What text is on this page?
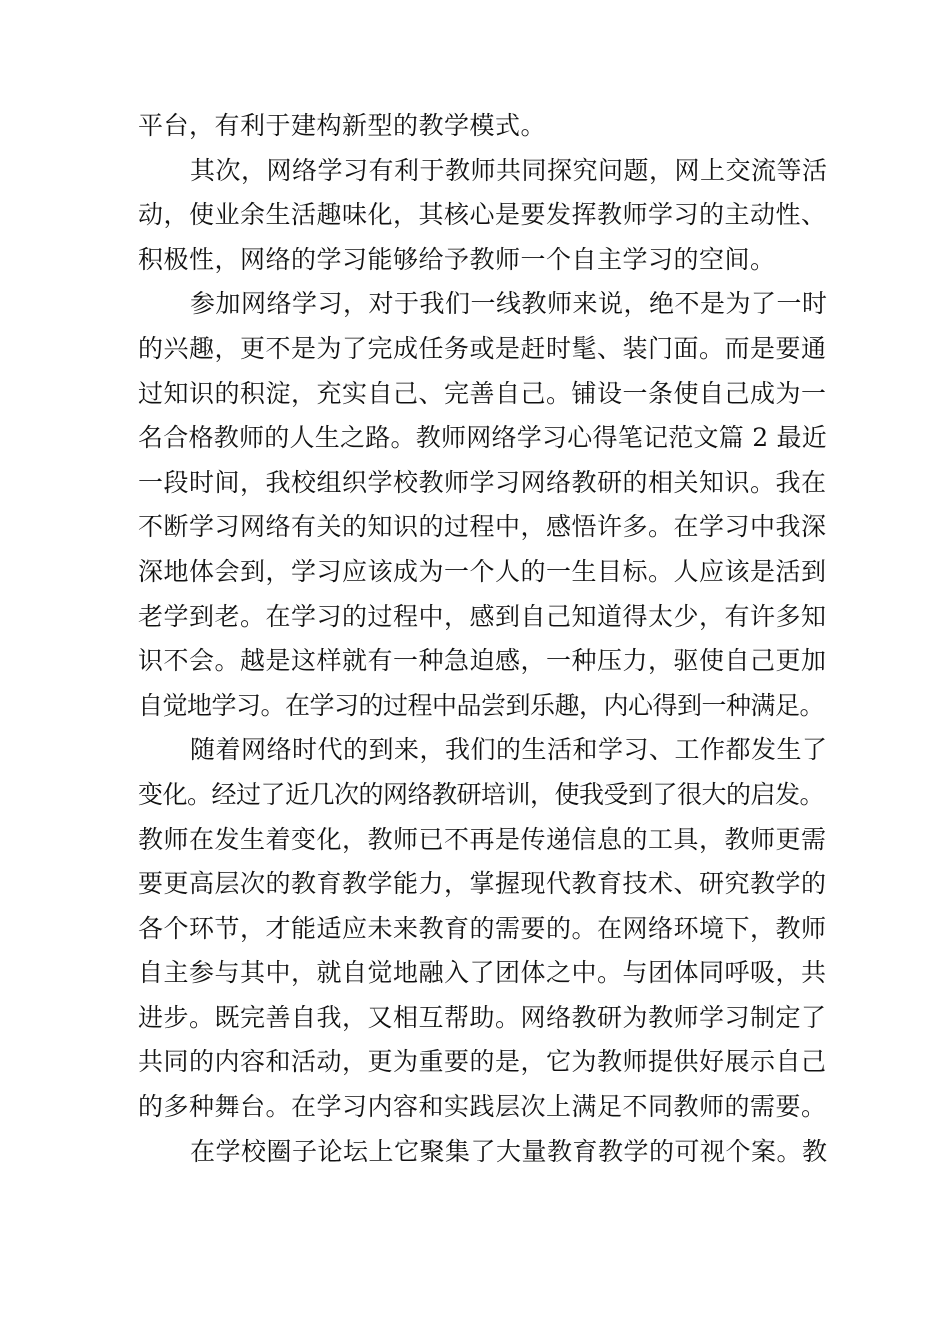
平台，有利于建构新型的教学模式。
其次，网络学习有利于教师共同探究问题，网上交流等活
动，使业余生活趣味化，其核心是要发挥教师学习的主动性、
积极性，网络的学习能够给予教师一个自主学习的空间。
参加网络学习，对于我们一线教师来说，绝不是为了一时
的兴趣，更不是为了完成任务或是赶时髦、装门面。而是要通
过知识的积淀，充实自己、完善自己。铺设一条使自己成为一
名合格教师的人生之路。教师网络学习心得笔记范文篇 2 最近
一段时间，我校组织学校教师学习网络教研的相关知识。我在
不断学习网络有关的知识的过程中，感悟许多。在学习中我深
深地体会到，学习应该成为一个人的一生目标。人应该是活到
老学到老。在学习的过程中，感到自己知道得太少，有许多知
识不会。越是这样就有一种急迫感，一种压力，驱使自己更加
自觉地学习。在学习的过程中品尝到乐趣，内心得到一种满足。
随着网络时代的到来，我们的生活和学习、工作都发生了
变化。经过了近几次的网络教研培训，使我受到了很大的启发。
教师在发生着变化，教师已不再是传递信息的工具，教师更需
要更高层次的教育教学能力，掌握现代教育技术、研究教学的
各个环节，才能适应未来教育的需要的。在网络环境下，教师
自主参与其中，就自觉地融入了团体之中。与团体同呼吸，共
进步。既完善自我，又相互帮助。网络教研为教师学习制定了
共同的内容和活动，更为重要的是，它为教师提供好展示自己
的多种舞台。在学习内容和实践层次上满足不同教师的需要。
在学校圈子论坛上它聚集了大量教育教学的可视个案。教
